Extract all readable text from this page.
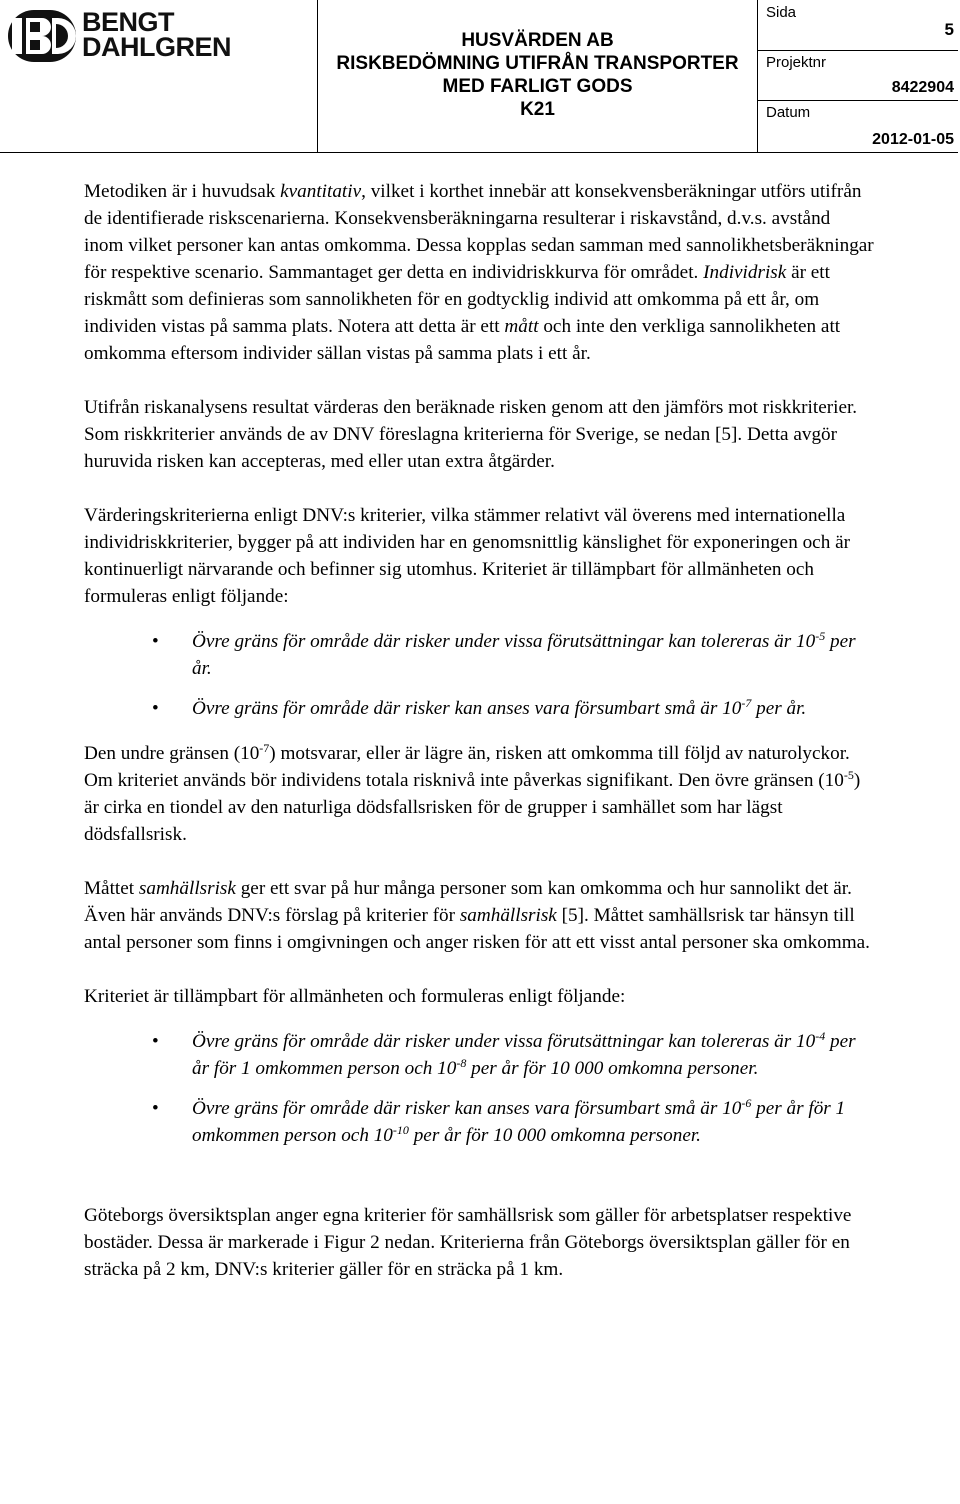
BENGT
DAHLGREN	HUSVÄRDEN AB
RISKBEDÖMNING UTIFRÅN TRANSPORTER
MED FARLIGT GODS
K21
Sida
5
Projektnr
8422904
Datum
2012-01-05

Metodiken är i huvudsak kvantitativ, vilket i korthet innebär att konsekvensberäkningar utförs utifrån de identifierade riskscenarierna. Konsekvensberäkningarna resulterar i riskavstånd, d.v.s. avstånd inom vilket personer kan antas omkomma. Dessa kopplas sedan samman med sannolikhetsberäkningar för respektive scenario. Sammantaget ger detta en individriskkurva för området. Individrisk är ett riskmått som definieras som sannolikheten för en godtycklig individ att omkomma på ett år, om individen vistas på samma plats. Notera att detta är ett mått och inte den verkliga sannolikheten att omkomma eftersom individer sällan vistas på samma plats i ett år.

Utifrån riskanalysens resultat värderas den beräknade risken genom att den jämförs mot riskkriterier. Som riskkriterier används de av DNV föreslagna kriterierna för Sverige, se nedan [5]. Detta avgör huruvida risken kan accepteras, med eller utan extra åtgärder.

Värderingskriterierna enligt DNV:s kriterier, vilka stämmer relativt väl överens med internationella individriskkriterier, bygger på att individen har en genomsnittlig känslighet för exponeringen och är kontinuerligt närvarande och befinner sig utomhus. Kriteriet är tillämpbart för allmänheten och formuleras enligt följande:

• Övre gräns för område där risker under vissa förutsättningar kan tolereras är $10^{-5}$ per år.
• Övre gräns för område där risker kan anses vara försumbart små är $10^{-7}$ per år.

Den undre gränsen $(10^{-7})$ motsvarar, eller är lägre än, risken att omkomma till följd av naturolyckor. Om kriteriet används bör individens totala risknivå inte påverkas signifikant. Den övre gränsen $(10^{-5})$ är cirka en tiondel av den naturliga dödsfallsrisken för de grupper i samhället som har lägst dödsfallsrisk.

Måttet samhällsrisk ger ett svar på hur många personer som kan omkomma och hur sannolikt det är. Även här används DNV:s förslag på kriterier för samhällsrisk [5]. Måttet samhällsrisk tar hänsyn till antal personer som finns i omgivningen och anger risken för att ett visst antal personer ska omkomma.

Kriteriet är tillämpbart för allmänheten och formuleras enligt följande:

• Övre gräns för område där risker under vissa förutsättningar kan tolereras är $10^{-4}$ per år för 1 omkommen person och $10^{-8}$ per år för 10 000 omkomna personer.
• Övre gräns för område där risker kan anses vara försumbart små är $10^{-6}$ per år för 1 omkommen person och $10^{-10}$ per år för 10 000 omkomna personer.

Göteborgs översiktsplan anger egna kriterier för samhällsrisk som gäller för arbetsplatser respektive bostäder. Dessa är markerade i Figur 2 nedan. Kriterierna från Göteborgs översiktsplan gäller för en sträcka på 2 km, DNV:s kriterier gäller för en sträcka på 1 km.
